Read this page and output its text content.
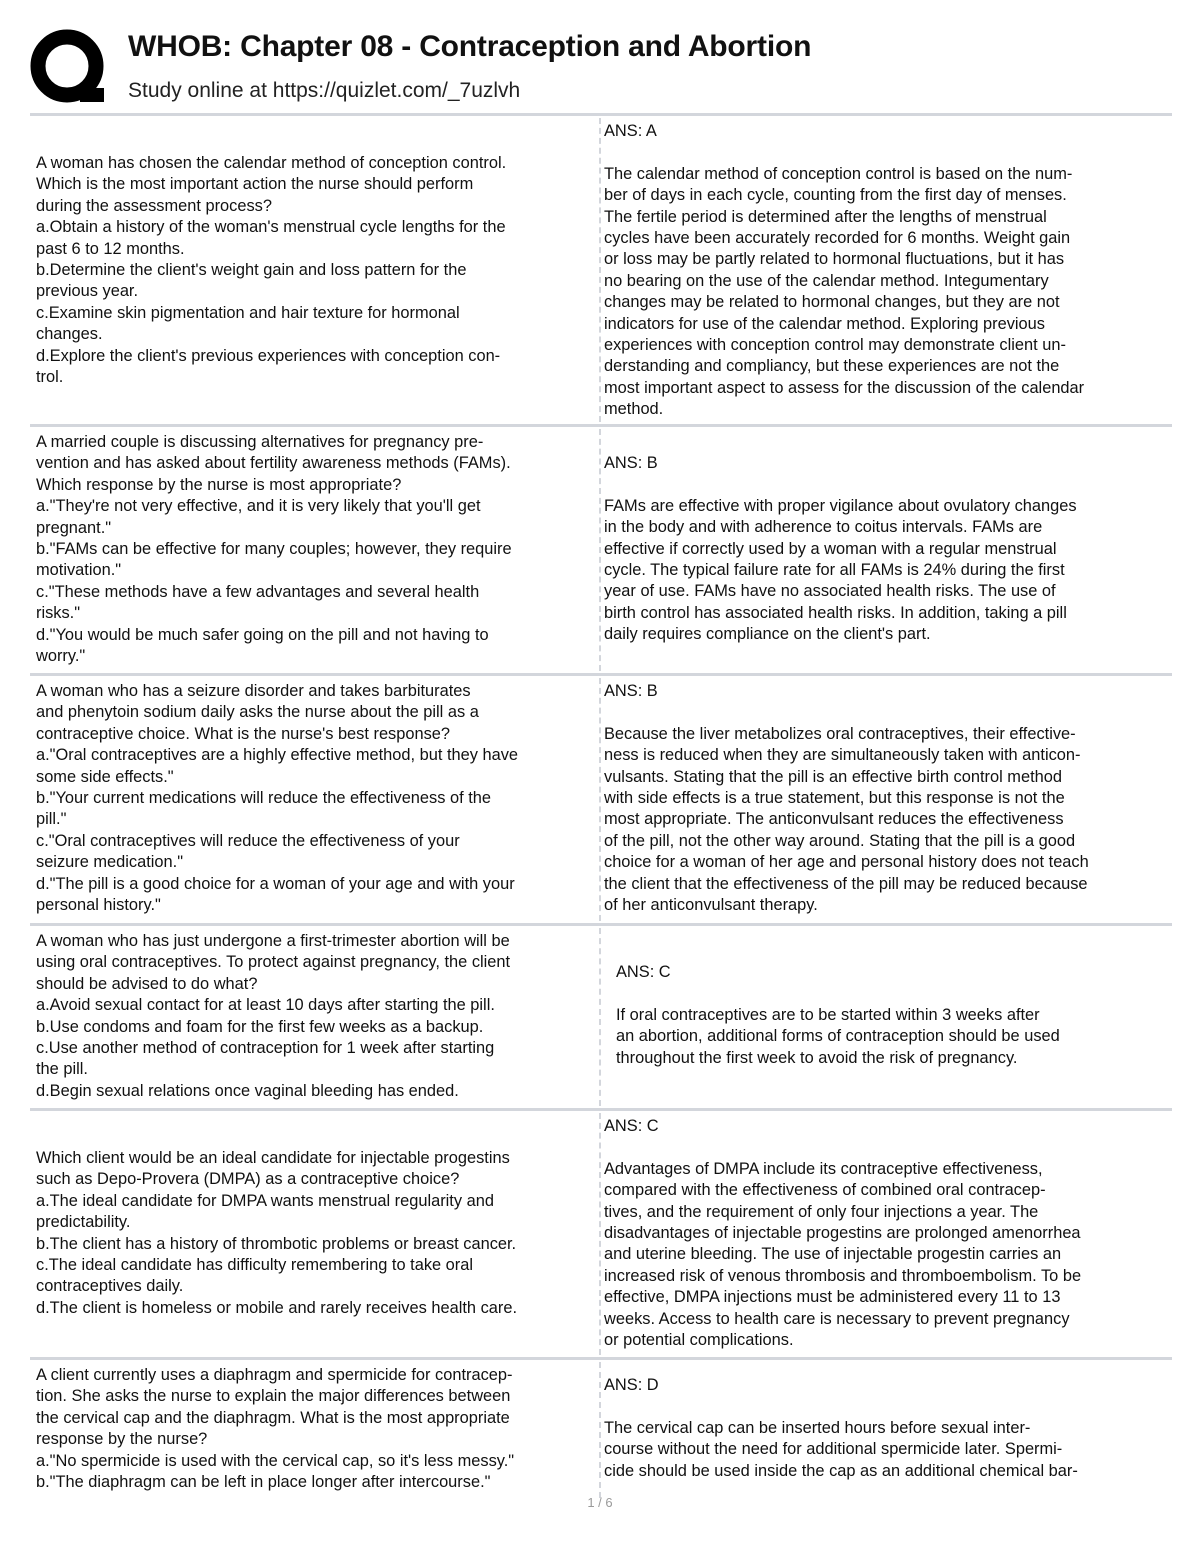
WHOB: Chapter 08 - Contraception and Abortion
Study online at https://quizlet.com/_7uzlvh
A woman has chosen the calendar method of conception control.
Which is the most important action the nurse should perform
during the assessment process?
a.Obtain a history of the woman's menstrual cycle lengths for the
past 6 to 12 months.
b.Determine the client's weight gain and loss pattern for the
previous year.
c.Examine skin pigmentation and hair texture for hormonal
changes.
d.Explore the client's previous experiences with conception con-
trol.
ANS: A
The calendar method of conception control is based on the num-
ber of days in each cycle, counting from the first day of menses.
The fertile period is determined after the lengths of menstrual
cycles have been accurately recorded for 6 months. Weight gain
or loss may be partly related to hormonal fluctuations, but it has
no bearing on the use of the calendar method. Integumentary
changes may be related to hormonal changes, but they are not
indicators for use of the calendar method. Exploring previous
experiences with conception control may demonstrate client un-
derstanding and compliancy, but these experiences are not the
most important aspect to assess for the discussion of the calendar
method.
A married couple is discussing alternatives for pregnancy pre-
vention and has asked about fertility awareness methods (FAMs).
Which response by the nurse is most appropriate?
a."They're not very effective, and it is very likely that you'll get
pregnant."
b."FAMs can be effective for many couples; however, they require
motivation."
c."These methods have a few advantages and several health
risks."
d."You would be much safer going on the pill and not having to
worry."
ANS: B
FAMs are effective with proper vigilance about ovulatory changes
in the body and with adherence to coitus intervals. FAMs are
effective if correctly used by a woman with a regular menstrual
cycle. The typical failure rate for all FAMs is 24% during the first
year of use. FAMs have no associated health risks. The use of
birth control has associated health risks. In addition, taking a pill
daily requires compliance on the client's part.
A woman who has a seizure disorder and takes barbiturates
and phenytoin sodium daily asks the nurse about the pill as a
contraceptive choice. What is the nurse's best response?
a."Oral contraceptives are a highly effective method, but they have
some side effects."
b."Your current medications will reduce the effectiveness of the
pill."
c."Oral contraceptives will reduce the effectiveness of your
seizure medication."
d."The pill is a good choice for a woman of your age and with your
personal history."
ANS: B
Because the liver metabolizes oral contraceptives, their effective-
ness is reduced when they are simultaneously taken with anticon-
vulsants. Stating that the pill is an effective birth control method
with side effects is a true statement, but this response is not the
most appropriate. The anticonvulsant reduces the effectiveness
of the pill, not the other way around. Stating that the pill is a good
choice for a woman of her age and personal history does not teach
the client that the effectiveness of the pill may be reduced because
of her anticonvulsant therapy.
A woman who has just undergone a first-trimester abortion will be
using oral contraceptives. To protect against pregnancy, the client
should be advised to do what?
a.Avoid sexual contact for at least 10 days after starting the pill.
b.Use condoms and foam for the first few weeks as a backup.
c.Use another method of contraception for 1 week after starting
the pill.
d.Begin sexual relations once vaginal bleeding has ended.
ANS: C
If oral contraceptives are to be started within 3 weeks after
an abortion, additional forms of contraception should be used
throughout the first week to avoid the risk of pregnancy.
Which client would be an ideal candidate for injectable progestins
such as Depo-Provera (DMPA) as a contraceptive choice?
a.The ideal candidate for DMPA wants menstrual regularity and
predictability.
b.The client has a history of thrombotic problems or breast cancer.
c.The ideal candidate has difficulty remembering to take oral
contraceptives daily.
d.The client is homeless or mobile and rarely receives health care.
ANS: C
Advantages of DMPA include its contraceptive effectiveness,
compared with the effectiveness of combined oral contracep-
tives, and the requirement of only four injections a year. The
disadvantages of injectable progestins are prolonged amenorrhea
and uterine bleeding. The use of injectable progestin carries an
increased risk of venous thrombosis and thromboembolism. To be
effective, DMPA injections must be administered every 11 to 13
weeks. Access to health care is necessary to prevent pregnancy
or potential complications.
A client currently uses a diaphragm and spermicide for contracep-
tion. She asks the nurse to explain the major differences between
the cervical cap and the diaphragm. What is the most appropriate
response by the nurse?
a."No spermicide is used with the cervical cap, so it's less messy."
b."The diaphragm can be left in place longer after intercourse."
ANS: D
The cervical cap can be inserted hours before sexual inter-
course without the need for additional spermicide later. Spermi-
cide should be used inside the cap as an additional chemical bar-
1 / 6
